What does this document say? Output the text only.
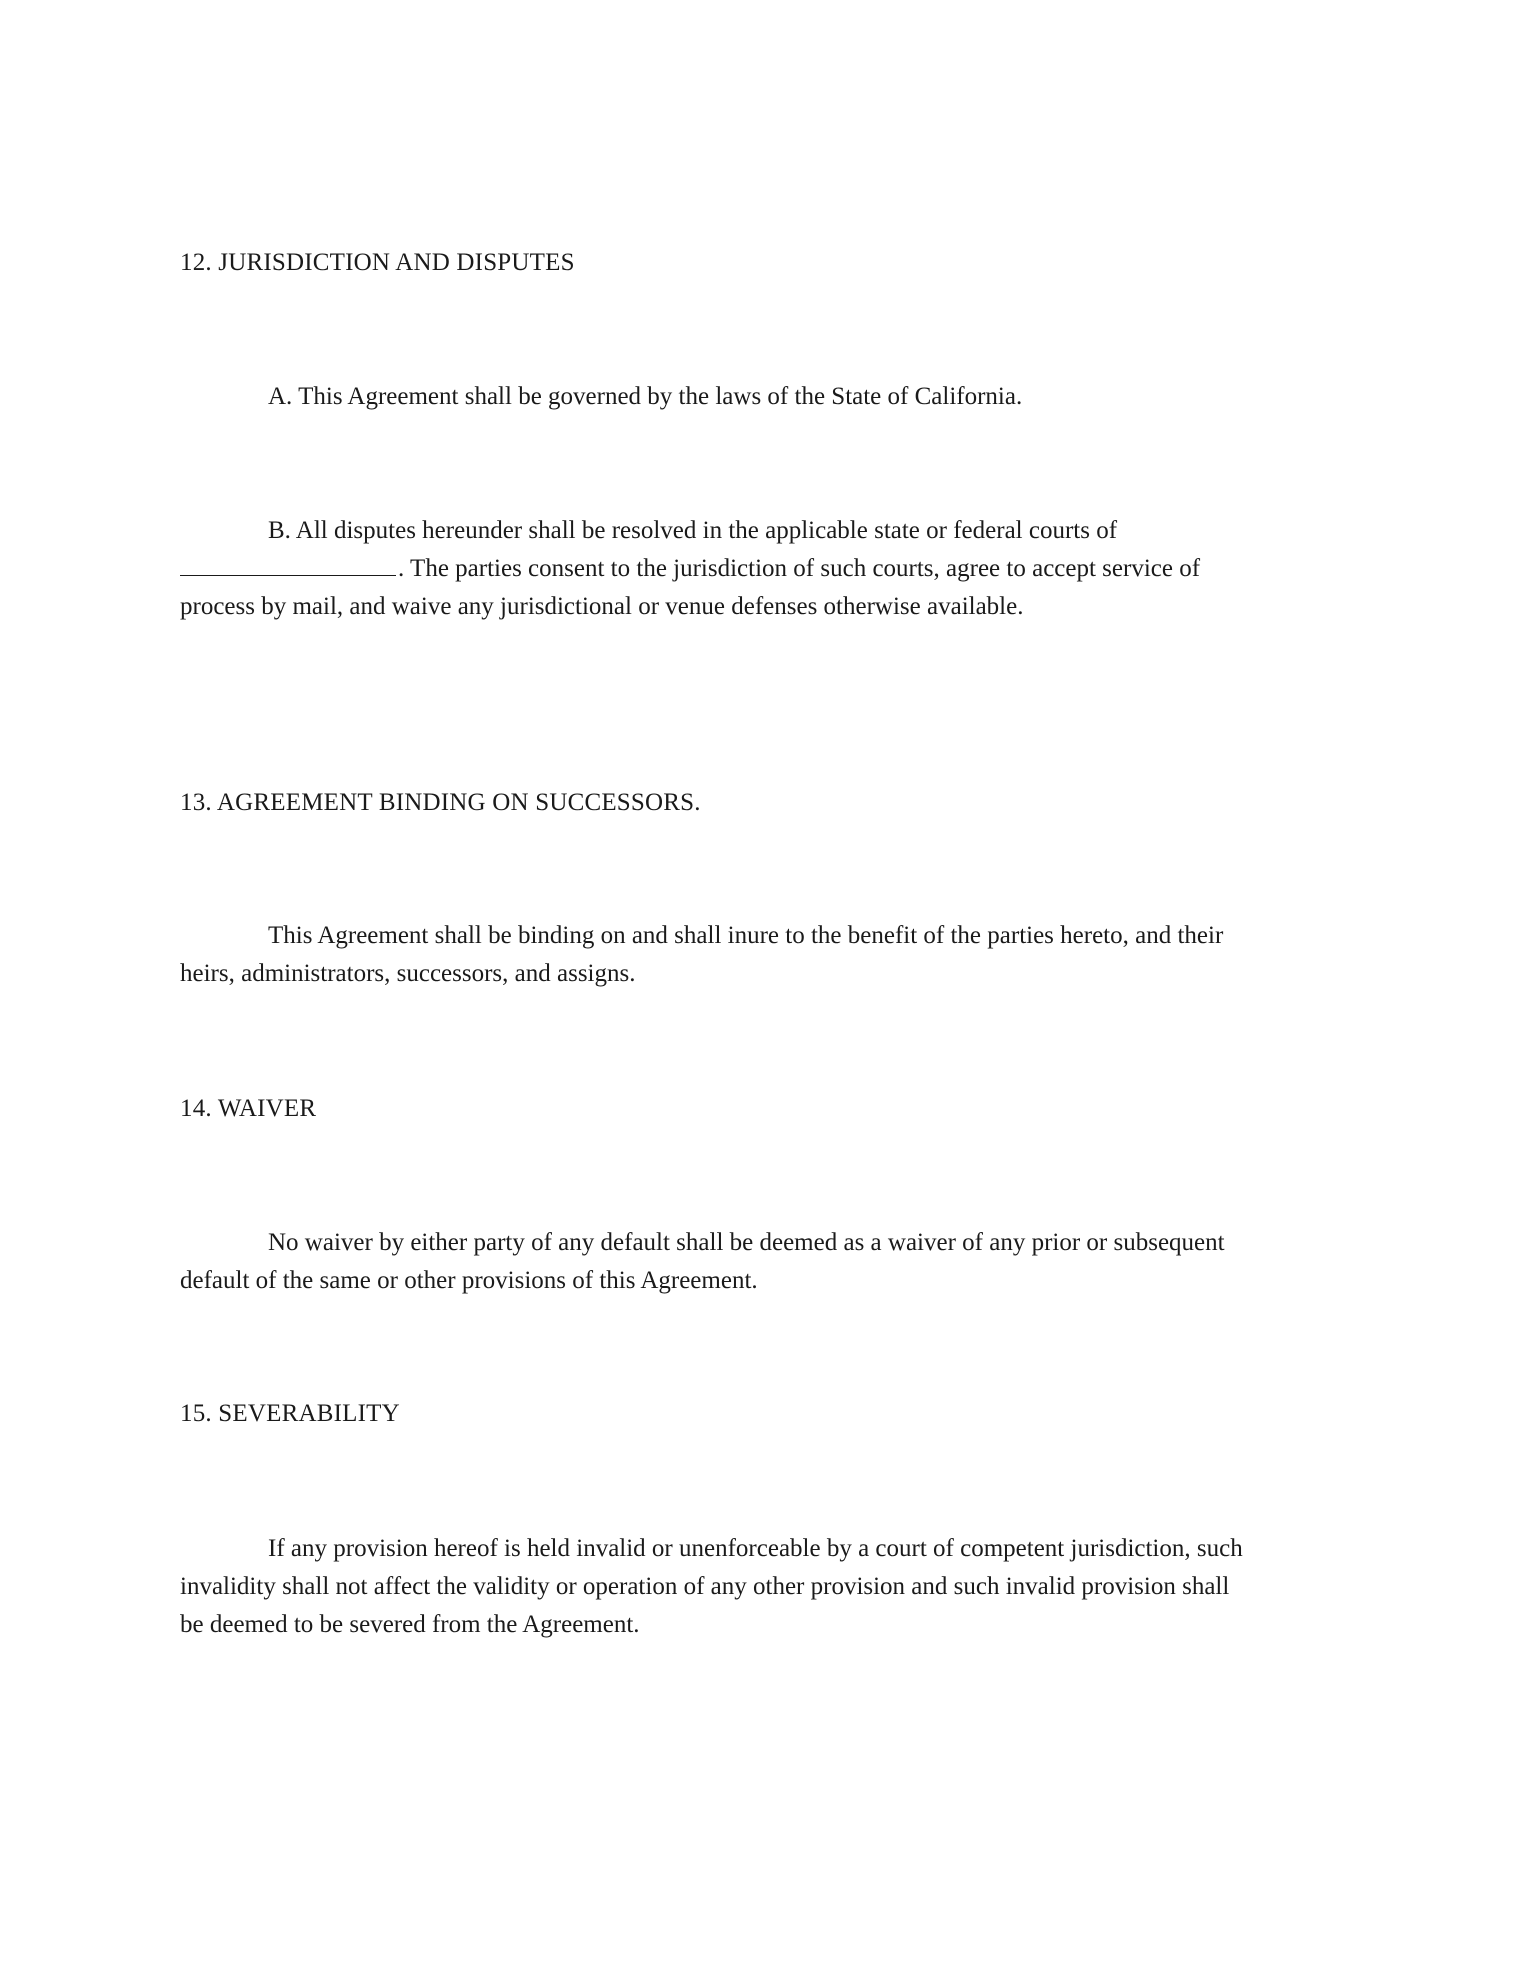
12. JURISDICTION AND DISPUTES

A. This Agreement shall be governed by the laws of the State of California.

B. All disputes hereunder shall be resolved in the applicable state or federal courts of
. The parties consent to the jurisdiction of such courts, agree to accept service of
process by mail, and waive any jurisdictional or venue defenses otherwise available.

13. AGREEMENT BINDING ON SUCCESSORS.

This Agreement shall be binding on and shall inure to the benefit of the parties hereto, and their
heirs, administrators, successors, and assigns.

14. WAIVER

No waiver by either party of any default shall be deemed as a waiver of any prior or subsequent
default of the same or other provisions of this Agreement.

15. SEVERABILITY

If any provision hereof is held invalid or unenforceable by a court of competent jurisdiction, such
invalidity shall not affect the validity or operation of any other provision and such invalid provision shall
be deemed to be severed from the Agreement.
